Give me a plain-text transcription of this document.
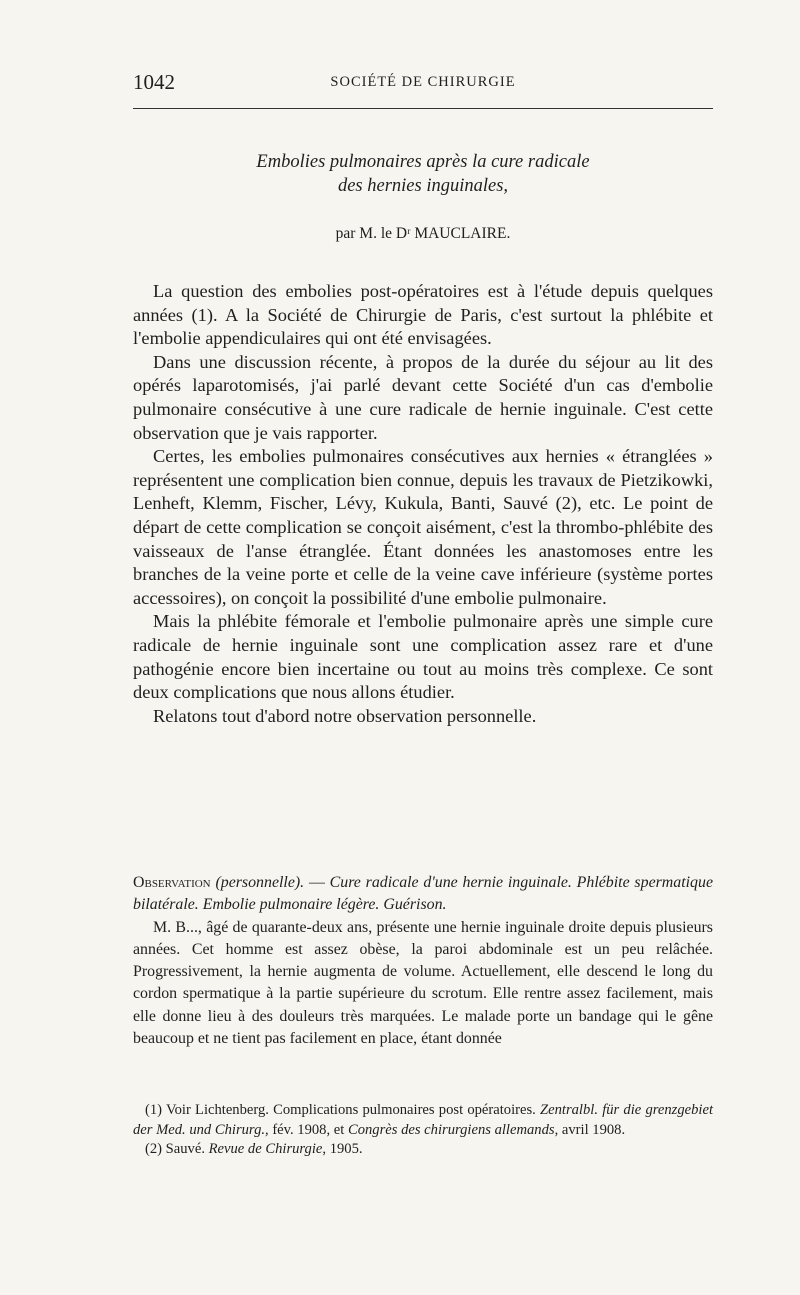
1042	SOCIÉTÉ DE CHIRURGIE
Embolies pulmonaires après la cure radicale
des hernies inguinales,
par M. le Dʳ MAUCLAIRE.

La question des embolies post-opératoires est à l'étude depuis quelques années (1). A la Société de Chirurgie de Paris, c'est surtout la phlébite et l'embolie appendiculaires qui ont été envisagées.

Dans une discussion récente, à propos de la durée du séjour au lit des opérés laparotomisés, j'ai parlé devant cette Société d'un cas d'embolie pulmonaire consécutive à une cure radicale de hernie inguinale. C'est cette observation que je vais rapporter.

Certes, les embolies pulmonaires consécutives aux hernies « étranglées » représentent une complication bien connue, depuis les travaux de Pietzikowki, Lenheft, Klemm, Fischer, Lévy, Kukula, Banti, Sauvé (2), etc. Le point de départ de cette complication se conçoit aisément, c'est la thrombo-phlébite des vaisseaux de l'anse étranglée. Étant données les anastomoses entre les branches de la veine porte et celle de la veine cave inférieure (système portes accessoires), on conçoit la possibilité d'une embolie pulmonaire.

Mais la phlébite fémorale et l'embolie pulmonaire après une simple cure radicale de hernie inguinale sont une complication assez rare et d'une pathogénie encore bien incertaine ou tout au moins très complexe. Ce sont deux complications que nous allons étudier.

Relatons tout d'abord notre observation personnelle.

Observation (personnelle). — Cure radicale d'une hernie inguinale. Phlébite spermatique bilatérale. Embolie pulmonaire légère. Guérison.

M. B..., âgé de quarante-deux ans, présente une hernie inguinale droite depuis plusieurs années. Cet homme est assez obèse, la paroi abdominale est un peu relâchée. Progressivement, la hernie augmenta de volume. Actuellement, elle descend le long du cordon spermatique à la partie supérieure du scrotum. Elle rentre assez facilement, mais elle donne lieu à des douleurs très marquées. Le malade porte un bandage qui le gêne beaucoup et ne tient pas facilement en place, étant donnée

(1) Voir Lichtenberg. Complications pulmonaires post opératoires. Zentralbl. für die grenzgebiet der Med. und Chirurg., fév. 1908, et Congrès des chirurgiens allemands, avril 1908.

(2) Sauvé. Revue de Chirurgie, 1905.
